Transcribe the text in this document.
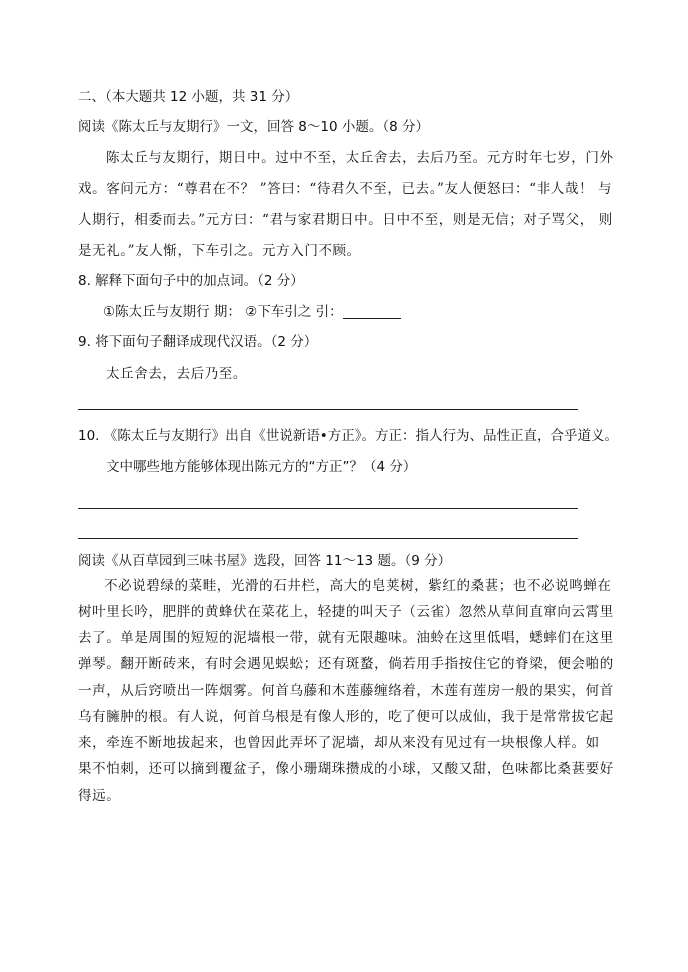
二、（本大题共 12 小题，共 31 分）
阅读《陈太丘与友期行》一文，回答 8～10 小题。（8 分）
陈太丘与友期行，期日中。过中不至，太丘舍去，去后乃至。元方时年七岁，门外
戏。客问元方：“尊君在不？ ”答曰：“待君久不至，已去。”友人便怒曰：“非人哉！ 与
人期行，相委而去。”元方曰：“君与家君期日中。日中不至，则是无信；对子骂父， 则
是无礼。”友人惭，下车引之。元方入门不顾。
8. 解释下面句子中的加点词。（2 分）
①陈太丘与友期行 期： ②下车引之 引：
9. 将下面句子翻译成现代汉语。（2 分）
太丘舍去，去后乃至。
10. 《陈太丘与友期行》出自《世说新语•方正》。方正：指人行为、品性正直，合乎道义。
文中哪些地方能够体现出陈元方的“方正”？（4 分）
阅读《从百草园到三味书屋》选段，回答 11～13 题。（9 分）
不必说碧绿的菜畦，光滑的石井栏，高大的皂荚树，紫红的桑葚；也不必说鸣蝉在
树叶里长吟，肥胖的黄蜂伏在菜花上，轻捷的叫天子（云雀）忽然从草间直窜向云霄里
去了。单是周围的短短的泥墙根一带，就有无限趣味。油蛉在这里低唱，蟋蟀们在这里
弹琴。翻开断砖来，有时会遇见蜈蚣；还有斑蝥，倘若用手指按住它的脊梁，便会啪的
一声，从后窍喷出一阵烟雾。何首乌藤和木莲藤缠络着，木莲有莲房一般的果实，何首
乌有臃肿的根。有人说，何首乌根是有像人形的，吃了便可以成仙，我于是常常拔它起
来，牵连不断地拔起来，也曾因此弄坏了泥墙，却从来没有见过有一块根像人样。如
果不怕刺，还可以摘到覆盆子，像小珊瑚珠攒成的小球，又酸又甜，色味都比桑葚要好
得远。
